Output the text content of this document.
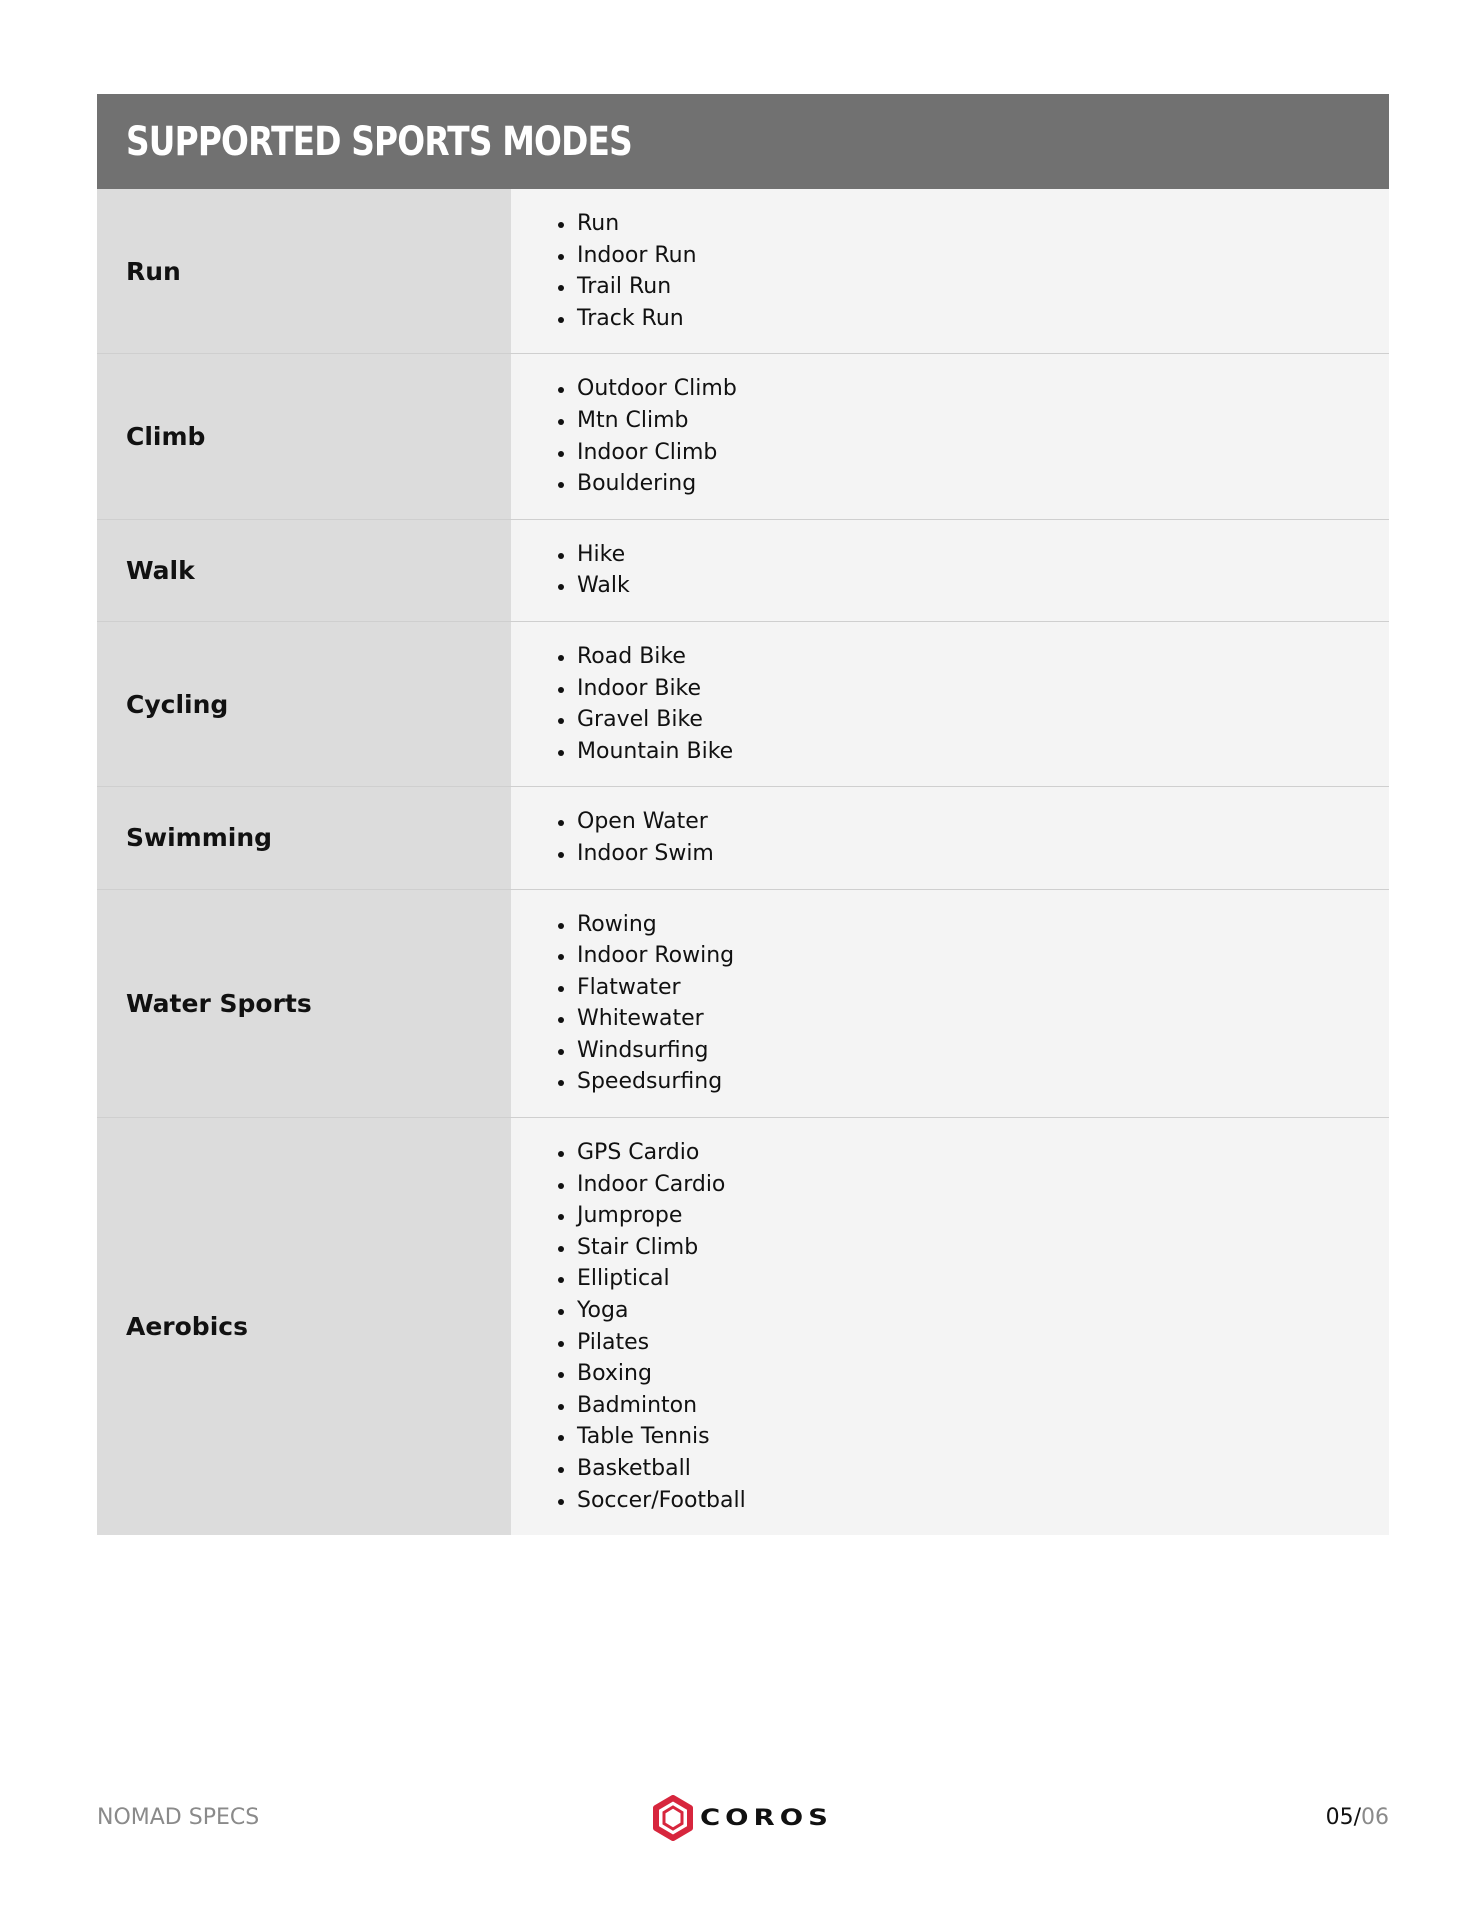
SUPPORTED SPORTS MODES
Run
Run
Indoor Run
Trail Run
Track Run
Climb
Outdoor Climb
Mtn Climb
Indoor Climb
Bouldering
Walk
Hike
Walk
Cycling
Road Bike
Indoor Bike
Gravel Bike
Mountain Bike
Swimming
Open Water
Indoor Swim
Water Sports
Rowing
Indoor Rowing
Flatwater
Whitewater
Windsurfing
Speedsurfing
Aerobics
GPS Cardio
Indoor Cardio
Jumprope
Stair Climb
Elliptical
Yoga
Pilates
Boxing
Badminton
Table Tennis
Basketball
Soccer/Football
NOMAD SPECS	COROS	05/06
